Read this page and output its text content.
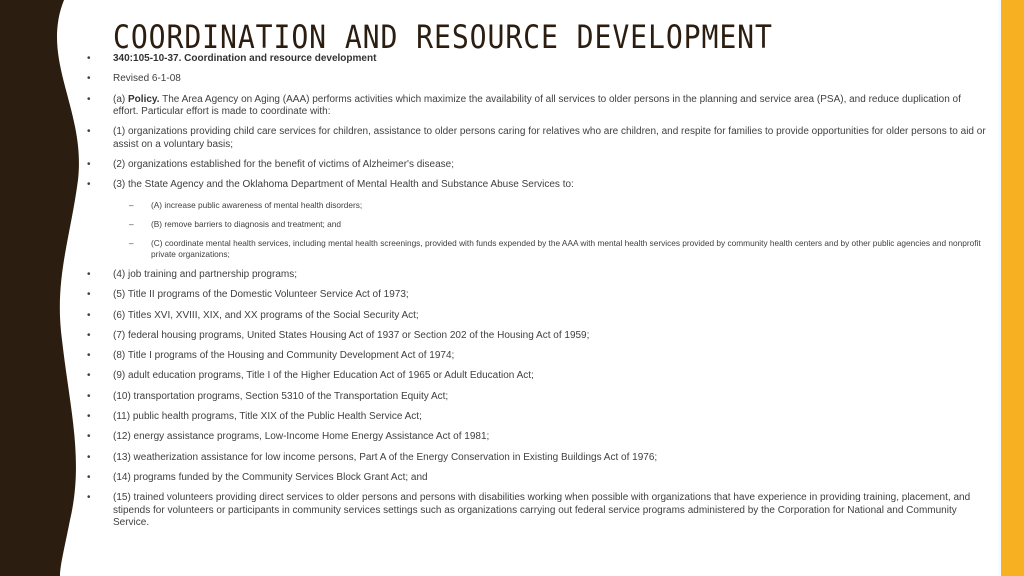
COORDINATION AND RESOURCE DEVELOPMENT
• 340:105-10-37. Coordination and resource development
• Revised 6-1-08
• (a) Policy. The Area Agency on Aging (AAA) performs activities which maximize the availability of all services to older persons in the planning and service area (PSA), and reduce duplication of effort. Particular effort is made to coordinate with:
• (1) organizations providing child care services for children, assistance to older persons caring for relatives who are children, and respite for families to provide opportunities for older persons to aid or assist on a voluntary basis;
• (2) organizations established for the benefit of victims of Alzheimer's disease;
• (3) the State Agency and the Oklahoma Department of Mental Health and Substance Abuse Services to:
– (A) increase public awareness of mental health disorders;
– (B) remove barriers to diagnosis and treatment; and
– (C) coordinate mental health services, including mental health screenings, provided with funds expended by the AAA with mental health services provided by community health centers and by other public agencies and nonprofit private organizations;
• (4) job training and partnership programs;
• (5) Title II programs of the Domestic Volunteer Service Act of 1973;
• (6) Titles XVI, XVIII, XIX, and XX programs of the Social Security Act;
• (7) federal housing programs, United States Housing Act of 1937 or Section 202 of the Housing Act of 1959;
• (8) Title I programs of the Housing and Community Development Act of 1974;
• (9) adult education programs, Title I of the Higher Education Act of 1965 or Adult Education Act;
• (10) transportation programs, Section 5310 of the Transportation Equity Act;
• (11) public health programs, Title XIX of the Public Health Service Act;
• (12) energy assistance programs, Low-Income Home Energy Assistance Act of 1981;
• (13) weatherization assistance for low income persons, Part A of the Energy Conservation in Existing Buildings Act of 1976;
• (14) programs funded by the Community Services Block Grant Act; and
• (15) trained volunteers providing direct services to older persons and persons with disabilities working when possible with organizations that have experience in providing training, placement, and stipends for volunteers or participants in community services settings such as organizations carrying out federal service programs administered by the Corporation for National and Community Service.
